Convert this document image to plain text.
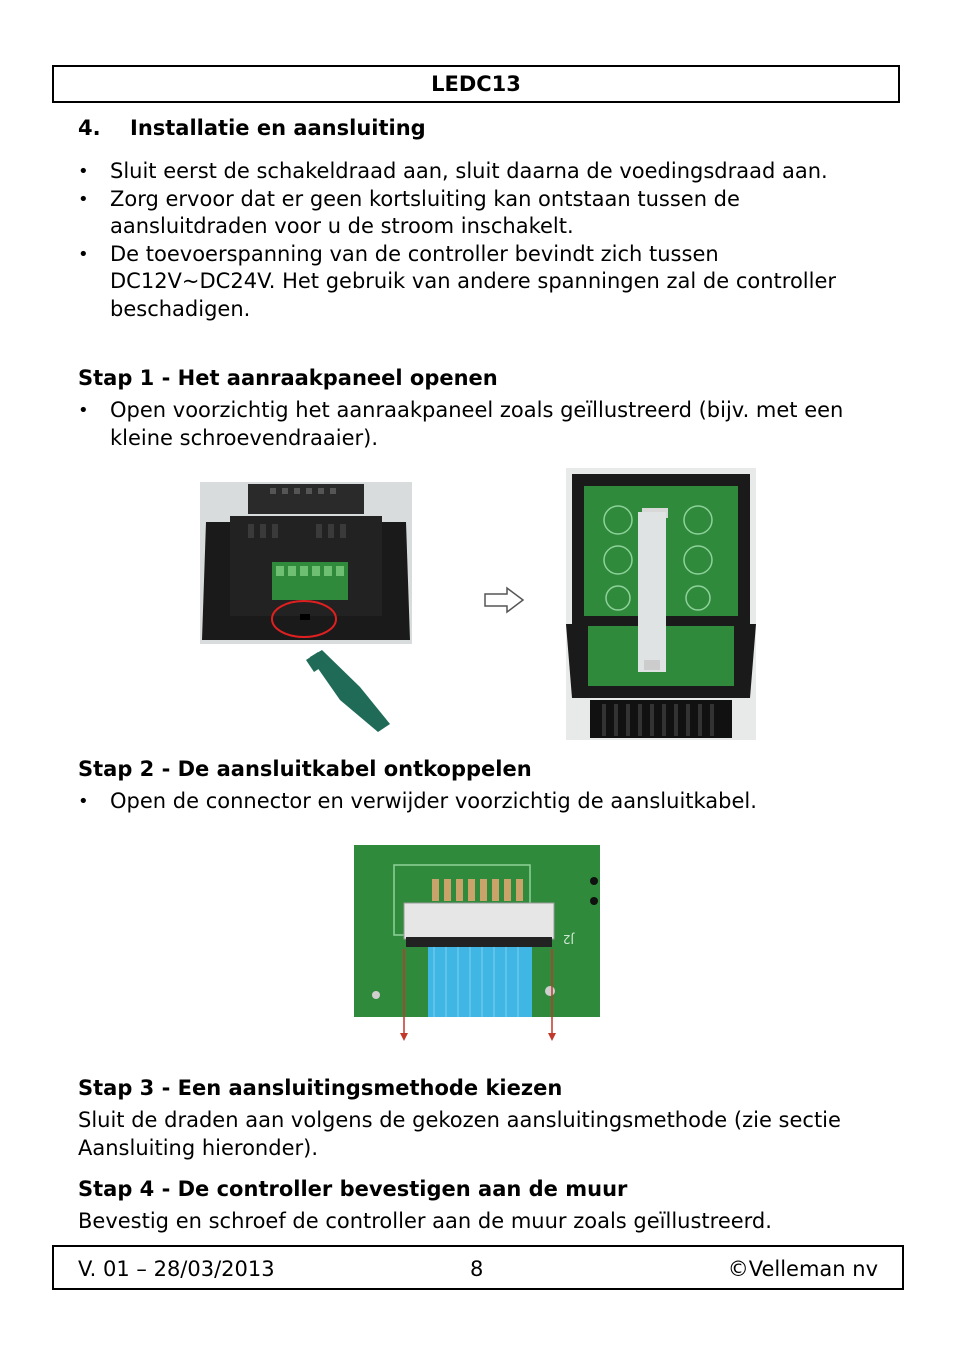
LEDC13
4. Installatie en aansluiting
• Sluit eerst de schakeldraad aan, sluit daarna de voedingsdraad aan.
• Zorg ervoor dat er geen kortsluiting kan ontstaan tussen de aansluitdraden voor u de stroom inschakelt.
• De toevoerspanning van de controller bevindt zich tussen DC12V~DC24V. Het gebruik van andere spanningen zal de controller beschadigen.
Stap 1 - Het aanraakpaneel openen
• Open voorzichtig het aanraakpaneel zoals geïllustreerd (bijv. met een kleine schroevendraaier).
Stap 2 - De aansluitkabel ontkoppelen
• Open de connector en verwijder voorzichtig de aansluitkabel.
J2
Stap 3 - Een aansluitingsmethode kiezen
Sluit de draden aan volgens de gekozen aansluitingsmethode (zie sectie Aansluiting hieronder).
Stap 4 - De controller bevestigen aan de muur
Bevestig en schroef de controller aan de muur zoals geïllustreerd.
V. 01 – 28/03/2013	8	©Velleman nv
